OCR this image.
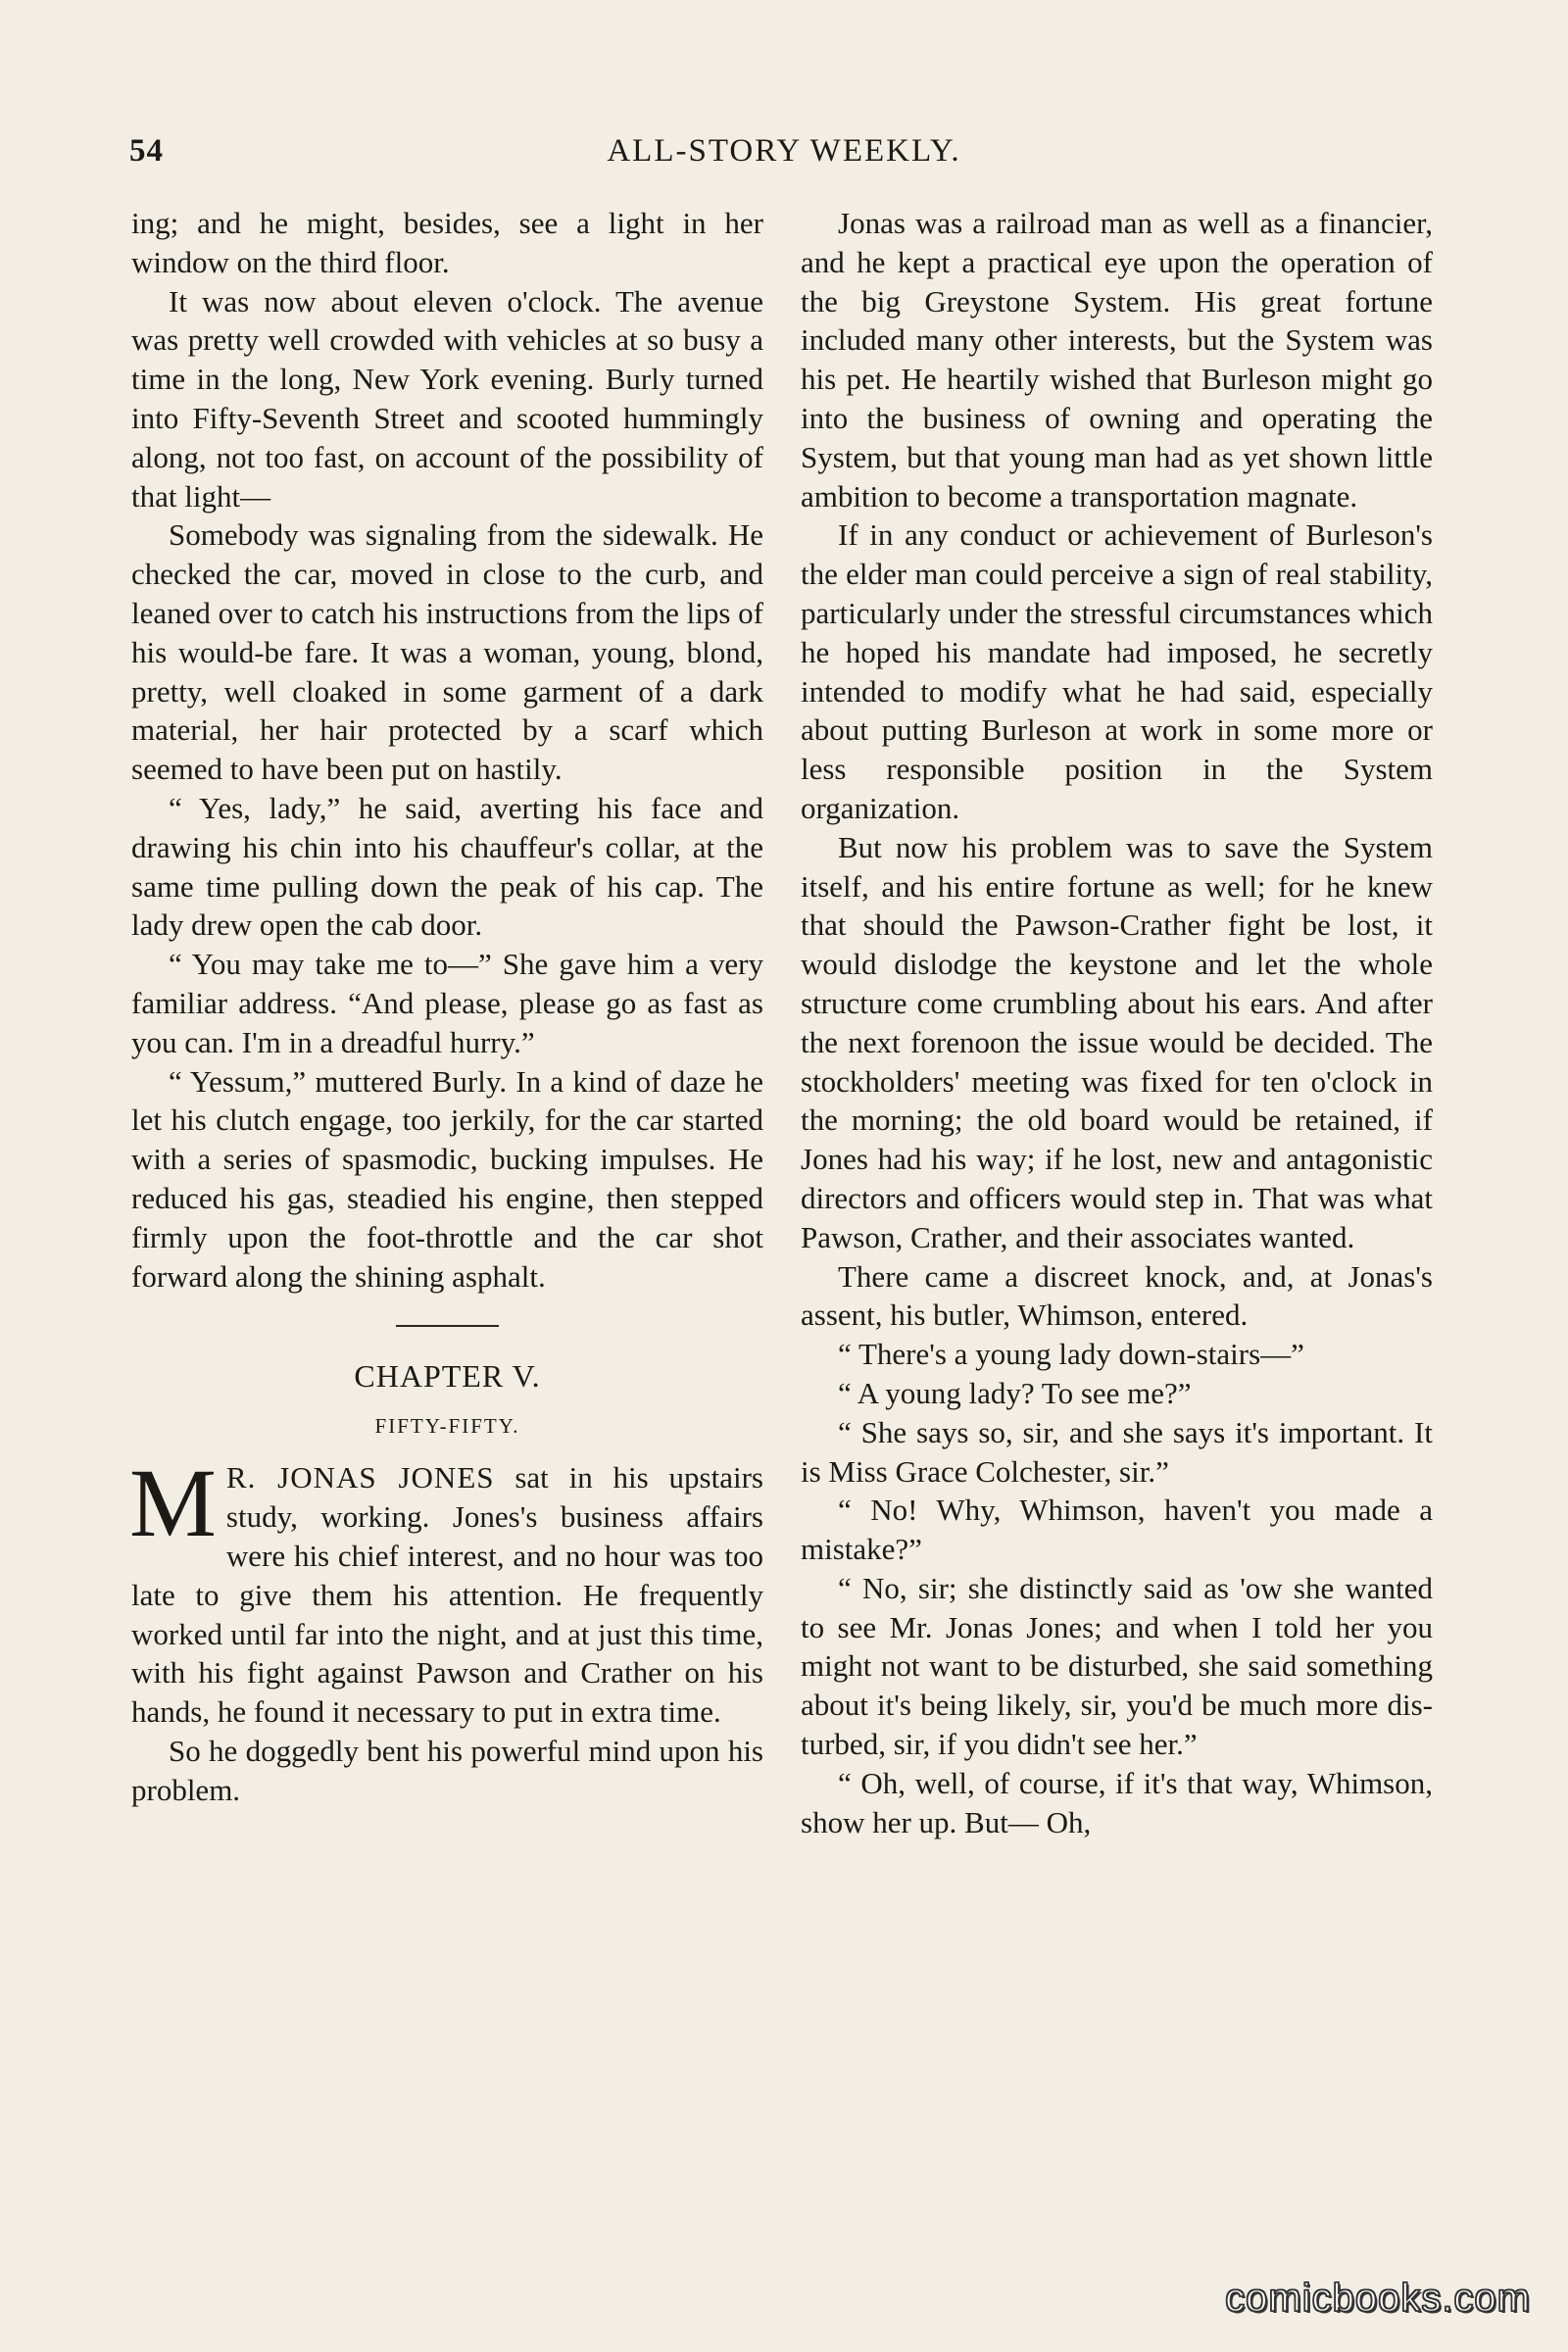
54	ALL-STORY WEEKLY.

ing; and he might, besides, see a light in her window on the third floor.

It was now about eleven o'clock. The avenue was pretty well crowded with vehicles at so busy a time in the long, New York evening. Burly turned into Fifty-Seventh Street and scooted hummingly along, not too fast, on account of the possibility of that light—

Somebody was signaling from the sidewalk. He checked the car, moved in close to the curb, and leaned over to catch his instructions from the lips of his would-be fare. It was a woman, young, blond, pretty, well cloaked in some garment of a dark material, her hair protected by a scarf which seemed to have been put on hastily.

“ Yes, lady,” he said, averting his face and drawing his chin into his chauffeur's collar, at the same time pulling down the peak of his cap. The lady drew open the cab door.

“ You may take me to—” She gave him a very familiar address. “And please, please go as fast as you can. I'm in a dreadful hurry.”

“ Yessum,” muttered Burly. In a kind of daze he let his clutch engage, too jerkily, for the car started with a series of spasmodic, bucking impulses. He reduced his gas, steadied his engine, then stepped firmly upon the foot-throttle and the car shot forward along the shining asphalt.

CHAPTER V.
FIFTY-FIFTY.

M R. JONAS JONES sat in his upstairs study, working. Jones's business affairs were his chief interest, and no hour was too late to give them his attention. He frequently worked until far into the night, and at just this time, with his fight against Pawson and Crather on his hands, he found it necessary to put in extra time.

So he doggedly bent his powerful mind upon his problem.

Jonas was a railroad man as well as a financier, and he kept a practical eye upon the operation of the big Greystone System. His great fortune included many other interests, but the System was his pet. He heartily wished that Burleson might go into the business of owning and operating the System, but that young man had as yet shown little ambition to become a transportation magnate.

If in any conduct or achievement of Burleson's the elder man could perceive a sign of real stability, particularly under the stressful circumstances which he hoped his mandate had imposed, he secretly intended to modify what he had said, especially about putting Burleson at work in some more or less responsible position in the System organization.

But now his problem was to save the System itself, and his entire fortune as well; for he knew that should the Pawson-Crather fight be lost, it would dislodge the keystone and let the whole structure come crumbling about his ears. And after the next forenoon the issue would be decided. The stockholders' meeting was fixed for ten o'clock in the morning; the old board would be retained, if Jones had his way; if he lost, new and antagonistic directors and officers would step in. That was what Pawson, Crather, and their associates wanted.

There came a discreet knock, and, at Jonas's assent, his butler, Whimson, entered.

“ There's a young lady down-stairs—”

“ A young lady? To see me?”

“ She says so, sir, and she says it's important. It is Miss Grace Colchester, sir.”

“ No! Why, Whimson, haven't you made a mistake?”

“ No, sir; she distinctly said as 'ow she wanted to see Mr. Jonas Jones; and when I told her you might not want to be disturbed, she said something about it's being likely, sir, you'd be much more disturbed, sir, if you didn't see her.”

“ Oh, well, of course, if it's that way, Whimson, show her up. But— Oh,

comicbooks.com
